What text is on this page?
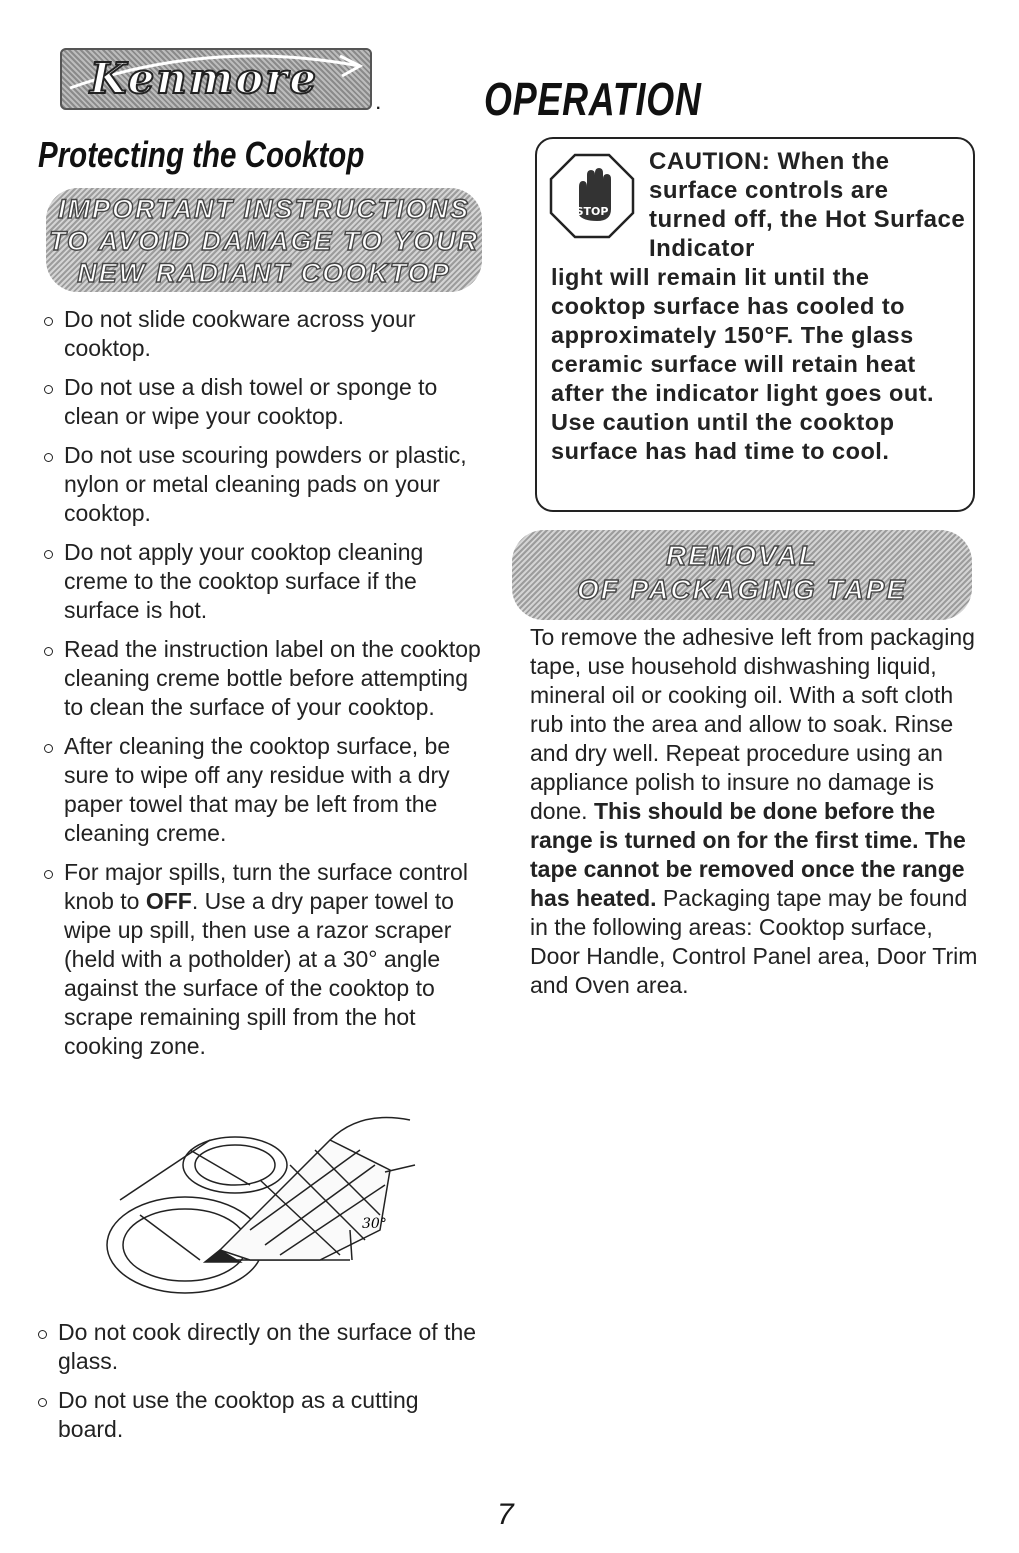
Kenmore
. OPERATION
Protecting the Cooktop
IMPORTANT INSTRUCTIONS
TO AVOID DAMAGE TO YOUR
NEW RADIANT COOKTOP
Do not slide cookware across your cooktop.
Do not use a dish towel or sponge to clean or wipe your cooktop.
Do not use scouring powders or plastic, nylon or metal cleaning pads on your cooktop.
Do not apply your cooktop cleaning creme to the cooktop surface if the surface is hot.
Read the instruction label on the cooktop cleaning creme bottle before attempting to clean the surface of your cooktop.
After cleaning the cooktop surface, be sure to wipe off any residue with a dry paper towel that may be left from the cleaning creme.
For major spills, turn the surface control knob to OFF. Use a dry paper towel to wipe up spill, then use a razor scraper (held with a potholder) at a 30° angle against the surface of the cooktop to scrape remaining spill from the hot cooking zone.
30°
Do not cook directly on the surface of the glass.
Do not use the cooktop as a cutting board.
STOP
CAUTION: When the surface controls are turned off, the Hot Surface Indicator
light will remain lit until the cooktop surface has cooled to approximately 150°F. The glass ceramic surface will retain heat after the indicator light goes out. Use caution until the cooktop surface has had time to cool.
REMOVAL
OF PACKAGING TAPE

To remove the adhesive left from packaging tape, use household dishwashing liquid, mineral oil or cooking oil. With a soft cloth rub into the area and allow to soak. Rinse and dry well. Repeat procedure using an appliance polish to insure no damage is done. This should be done before the range is turned on for the first time. The tape cannot be removed once the range has heated. Packaging tape may be found in the following areas: Cooktop surface, Door Handle, Control Panel area, Door Trim and Oven area.

7
